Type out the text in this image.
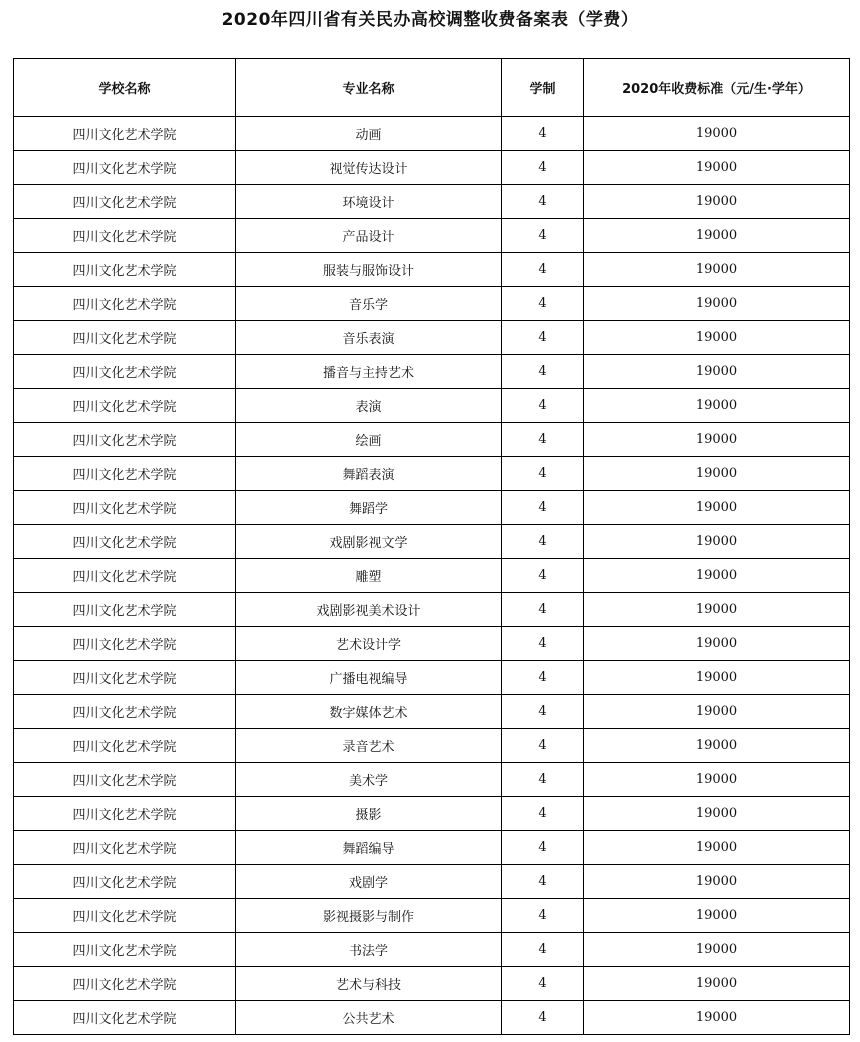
2020年四川省有关民办高校调整收费备案表（学费）
学校名称	专业名称	学制	2020年收费标准（元/生·学年）
四川文化艺术学院	动画	4	19000
四川文化艺术学院	视觉传达设计	4	19000
四川文化艺术学院	环境设计	4	19000
四川文化艺术学院	产品设计	4	19000
四川文化艺术学院	服装与服饰设计	4	19000
四川文化艺术学院	音乐学	4	19000
四川文化艺术学院	音乐表演	4	19000
四川文化艺术学院	播音与主持艺术	4	19000
四川文化艺术学院	表演	4	19000
四川文化艺术学院	绘画	4	19000
四川文化艺术学院	舞蹈表演	4	19000
四川文化艺术学院	舞蹈学	4	19000
四川文化艺术学院	戏剧影视文学	4	19000
四川文化艺术学院	雕塑	4	19000
四川文化艺术学院	戏剧影视美术设计	4	19000
四川文化艺术学院	艺术设计学	4	19000
四川文化艺术学院	广播电视编导	4	19000
四川文化艺术学院	数字媒体艺术	4	19000
四川文化艺术学院	录音艺术	4	19000
四川文化艺术学院	美术学	4	19000
四川文化艺术学院	摄影	4	19000
四川文化艺术学院	舞蹈编导	4	19000
四川文化艺术学院	戏剧学	4	19000
四川文化艺术学院	影视摄影与制作	4	19000
四川文化艺术学院	书法学	4	19000
四川文化艺术学院	艺术与科技	4	19000
四川文化艺术学院	公共艺术	4	19000
